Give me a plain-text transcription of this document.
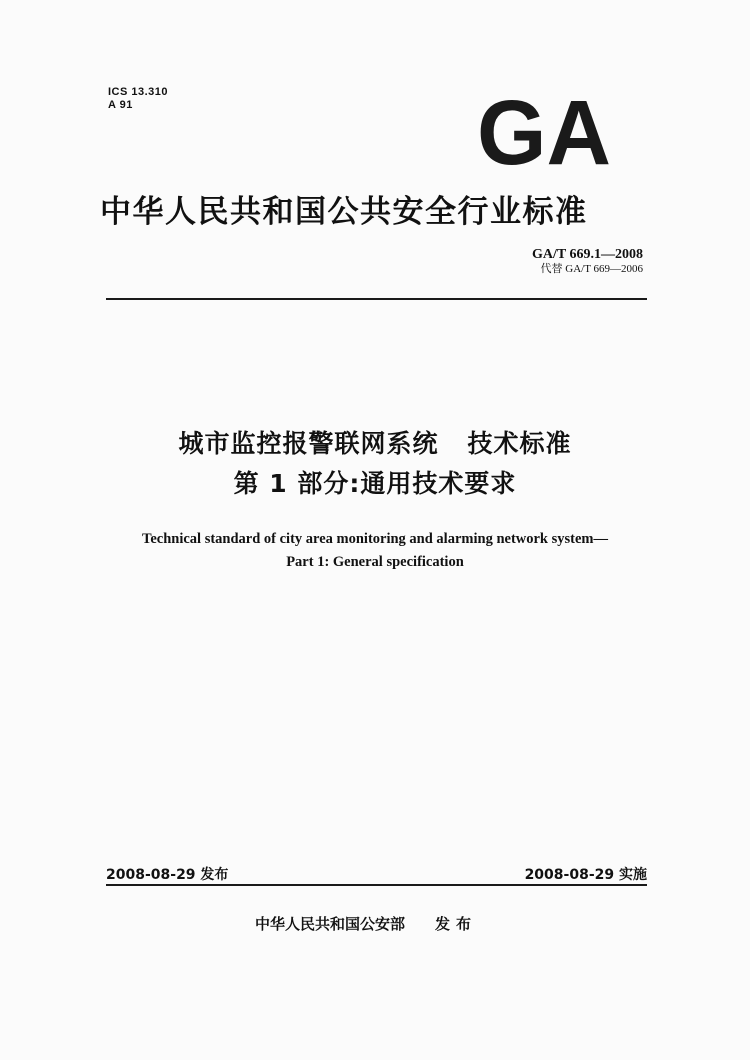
ICS 13.310
A 91	GA
中华人民共和国公共安全行业标准
GA/T 669.1—2008
代替 GA/T 669—2006
城市监控报警联网系统   技术标准
第 1 部分:通用技术要求
Technical standard of city area monitoring and alarming network system—
Part 1: General specification
2008-08-29 发布	2008-08-29 实施
中华人民共和国公安部 发布
